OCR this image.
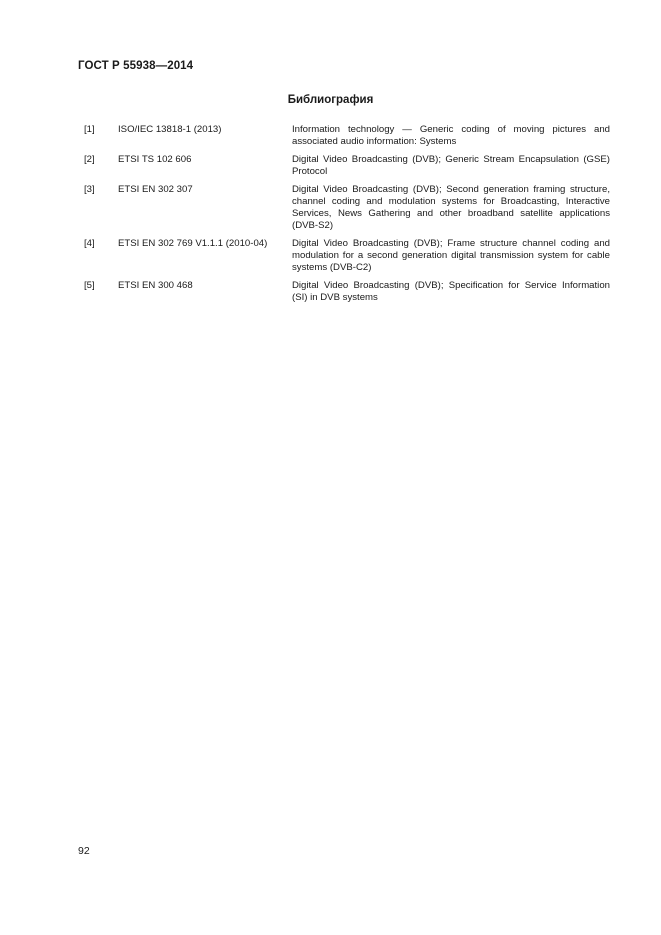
ГОСТ Р 55938—2014
Библиография
[1]	ISO/IEC 13818-1 (2013)	Information technology — Generic coding of moving pictures and associated audio information: Systems
[2]	ETSI TS 102 606	Digital Video Broadcasting (DVB); Generic Stream Encapsulation (GSE) Protocol
[3]	ETSI EN 302 307	Digital Video Broadcasting (DVB); Second generation framing structure, channel coding and modulation systems for Broadcasting, Interactive Services, News Gathering and other broadband satellite applications (DVB-S2)
[4]	ETSI EN 302 769 V1.1.1 (2010-04)	Digital Video Broadcasting (DVB); Frame structure channel coding and modulation for a second generation digital transmission system for cable systems (DVB-C2)
[5]	ETSI EN 300 468	Digital Video Broadcasting (DVB); Specification for Service Information (SI) in DVB systems
92
